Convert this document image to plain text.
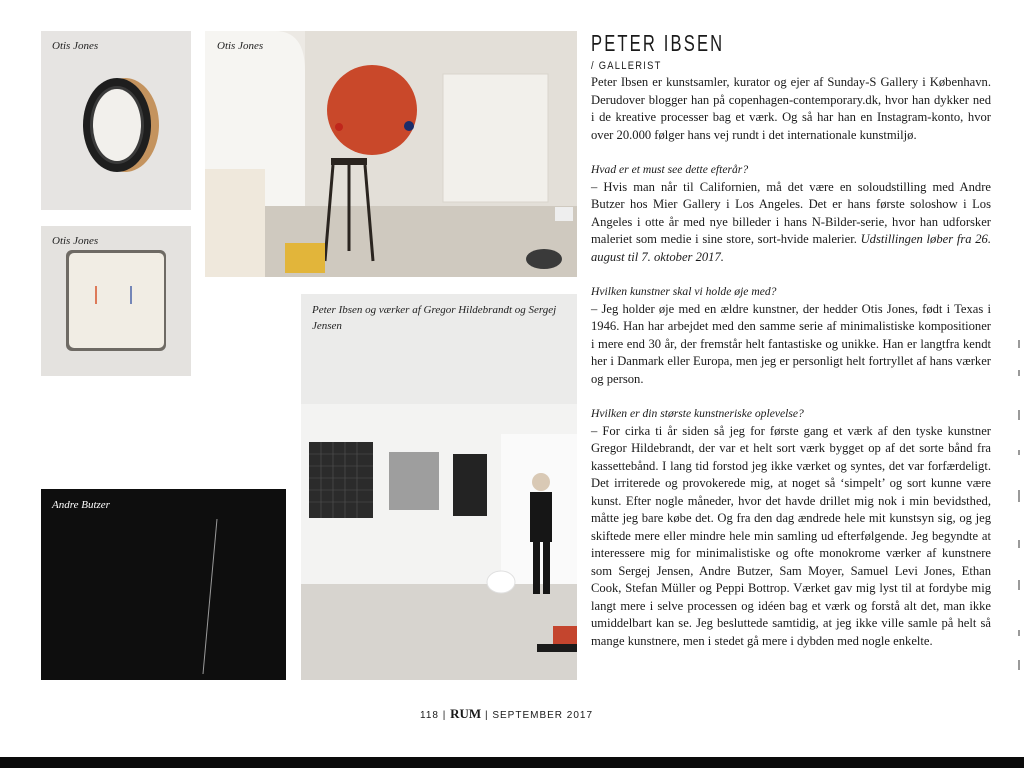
Otis Jones	Otis Jones
Otis Jones
Andre Butzer
Peter Ibsen og værker af Gregor Hildebrandt og Sergej Jensen
PETER IBSEN
/ GALLERIST

Peter Ibsen er kunstsamler, kurator og ejer af Sunday-S Gallery i København. Derudover blogger han på copenhagen-contemporary.dk, hvor han dykker ned i de kreative processer bag et værk. Og så har han en Instagram-konto, hvor over 20.000 følger hans vej rundt i det internationale kunstmiljø.

Hvad er et must see dette efterår?

– Hvis man når til Californien, må det være en soloudstilling med Andre Butzer hos Mier Gallery i Los Angeles. Det er hans første soloshow i Los Angeles i otte år med nye billeder i hans N-Bilder-serie, hvor han udforsker maleriet som medie i sine store, sort-hvide malerier. Udstillingen løber fra 26. august til 7. oktober 2017.

Hvilken kunstner skal vi holde øje med?

– Jeg holder øje med en ældre kunstner, der hedder Otis Jones, født i Texas i 1946. Han har arbejdet med den samme serie af minimalistiske kompositioner i mere end 30 år, der fremstår helt fantastiske og unikke. Han er langtfra kendt her i Danmark eller Europa, men jeg er personligt helt fortryllet af hans værker og person.

Hvilken er din største kunstneriske oplevelse?

– For cirka ti år siden så jeg for første gang et værk af den tyske kunstner Gregor Hildebrandt, der var et helt sort værk bygget op af det sorte bånd fra kassettebånd. I lang tid forstod jeg ikke værket og syntes, det var forfærdeligt. Det irriterede og provokerede mig, at noget så ‘simpelt’ og sort kunne være kunst. Efter nogle måneder, hvor det havde drillet mig nok i min bevidsthed, måtte jeg bare købe det. Og fra den dag ændrede hele mit kunstsyn sig, og jeg skiftede mere eller mindre hele min samling ud efterfølgende. Jeg begyndte at interessere mig for minimalistiske og ofte monokrome værker af kunstnere som Sergej Jensen, Andre Butzer, Sam Moyer, Samuel Levi Jones, Ethan Cook, Stefan Müller og Peppi Bottrop. Værket gav mig lyst til at fordybe mig langt mere i selve processen og idéen bag et værk og forstå alt det, man ikke umiddelbart kan se. Jeg besluttede samtidig, at jeg ikke ville samle på helt så mange kunstnere, men i stedet gå mere i dybden med nogle enkelte.

118 | RUM | SEPTEMBER 2017
